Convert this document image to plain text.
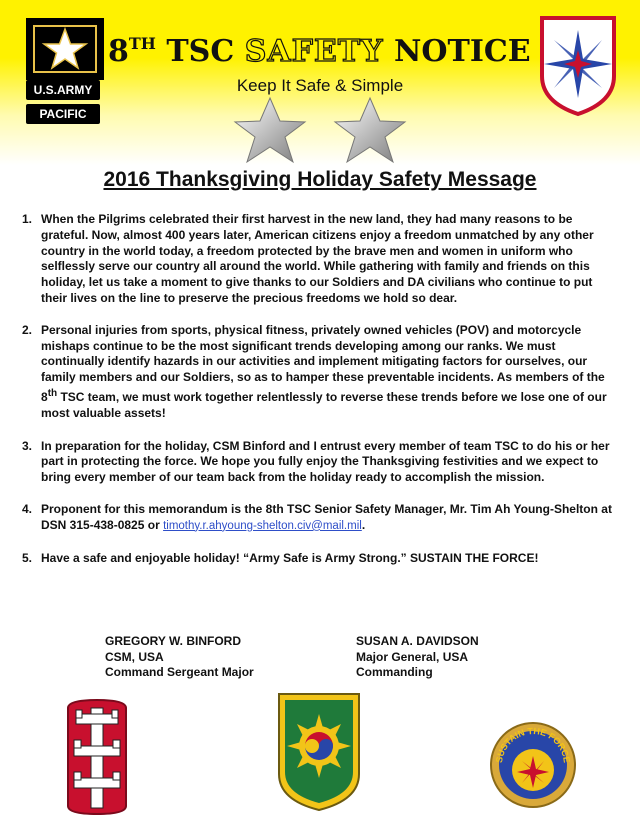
U.S.ARMY
PACIFIC
8TH TSC SAFETY NOTICE
Keep It Safe & Simple
2016 Thanksgiving Holiday Safety Message
1. When the Pilgrims celebrated their first harvest in the new land, they had many reasons to be grateful. Now, almost 400 years later, American citizens enjoy a freedom unmatched by any other country in the world today, a freedom protected by the brave men and women in uniform who selflessly serve our country all around the world. While gathering with family and friends on this holiday, let us take a moment to give thanks to our Soldiers and DA civilians who continue to put their lives on the line to preserve the precious freedoms we hold so dear.
2. Personal injuries from sports, physical fitness, privately owned vehicles (POV) and motorcycle mishaps continue to be the most significant trends developing among our ranks. We must continually identify hazards in our activities and implement mitigating factors for ourselves, our family members and our Soldiers, so as to hamper these preventable incidents. As members of the 8th TSC team, we must work together relentlessly to reverse these trends before we lose one of our most valuable assets!
3. In preparation for the holiday, CSM Binford and I entrust every member of team TSC to do his or her part in protecting the force. We hope you fully enjoy the Thanksgiving festivities and we expect to bring every member of our team back from the holiday ready to accomplish the mission.
4. Proponent for this memorandum is the 8th TSC Senior Safety Manager, Mr. Tim Ah Young-Shelton at DSN 315-438-0825 or timothy.r.ahyoung-shelton.civ@mail.mil.
5. Have a safe and enjoyable holiday! “Army Safe is Army Strong.” SUSTAIN THE FORCE!
GREGORY W. BINFORD
CSM, USA
Command Sergeant Major
SUSAN A. DAVIDSON
Major General, USA
Commanding
SUSTAIN THE FORCE
